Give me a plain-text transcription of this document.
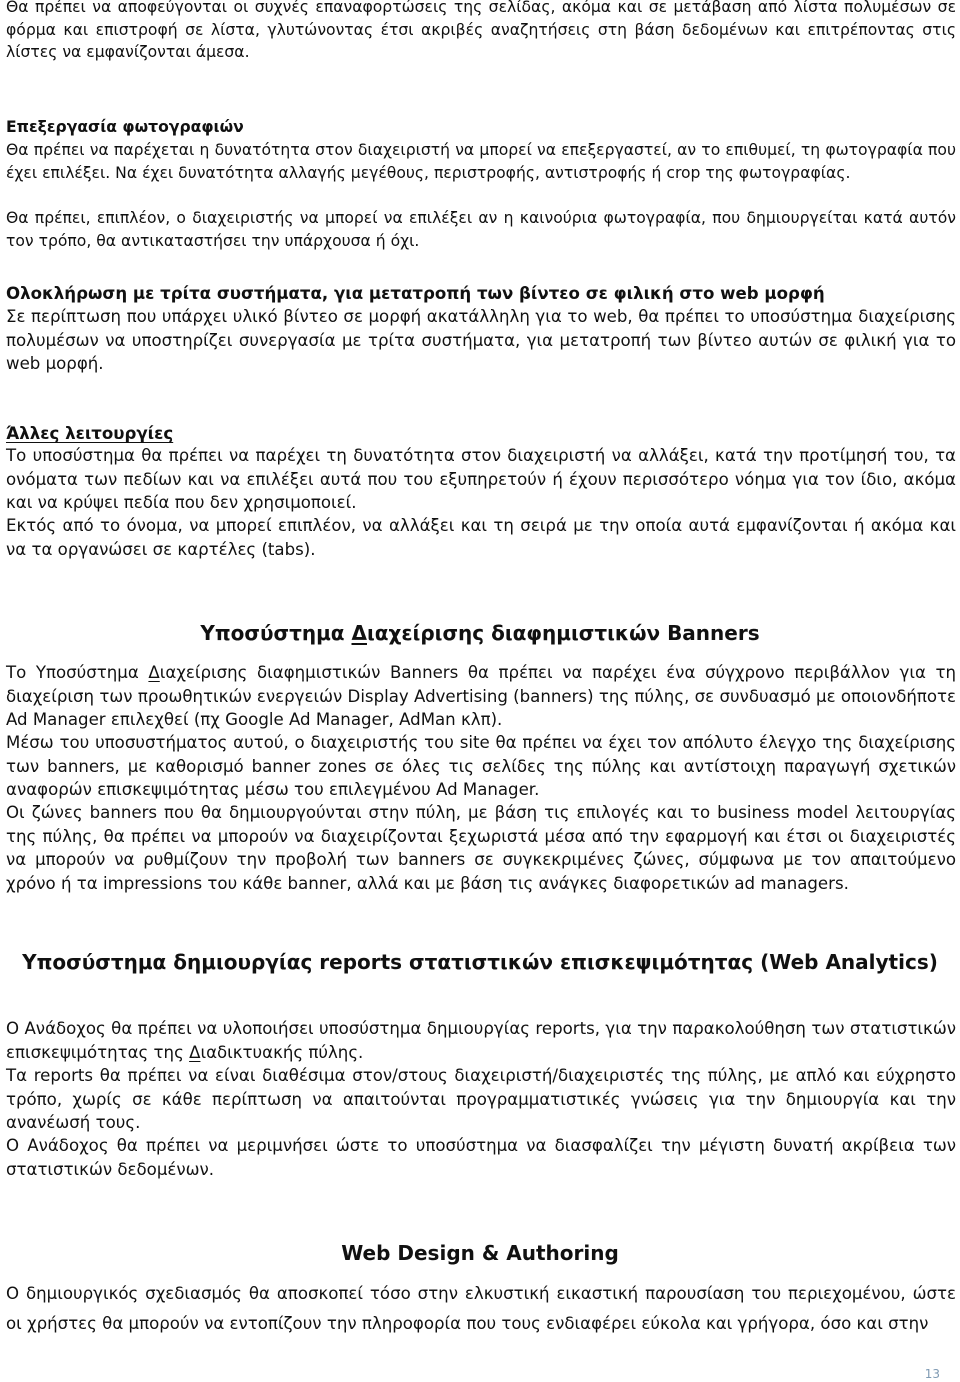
Θα πρέπει να αποφεύγονται οι συχνές επαναφορτώσεις της σελίδας, ακόμα και σε μετάβαση από λίστα πολυμέσων σε φόρμα και επιστροφή σε λίστα, γλυτώνοντας έτσι ακριβές αναζητήσεις στη βάση δεδομένων και επιτρέποντας στις λίστες να εμφανίζονται άμεσα.

Επεξεργασία φωτογραφιών

Θα πρέπει να παρέχεται η δυνατότητα στον διαχειριστή να μπορεί να επεξεργαστεί, αν το επιθυμεί, τη φωτογραφία που έχει επιλέξει. Να έχει δυνατότητα αλλαγής μεγέθους, περιστροφής, αντιστροφής ή crop της φωτογραφίας.

Θα πρέπει, επιπλέον, ο διαχειριστής να μπορεί να επιλέξει αν η καινούρια φωτογραφία, που δημιουργείται κατά αυτόν τον τρόπο, θα αντικαταστήσει την υπάρχουσα ή όχι.

Ολοκλήρωση με τρίτα συστήματα, για μετατροπή των βίντεο σε φιλική στο web μορφή

Σε περίπτωση που υπάρχει υλικό βίντεο σε μορφή ακατάλληλη για το web, θα πρέπει το υποσύστημα διαχείρισης πολυμέσων να υποστηρίζει συνεργασία με τρίτα συστήματα, για μετατροπή των βίντεο αυτών σε φιλική για το web μορφή.

Άλλες λειτουργίες

Το υποσύστημα θα πρέπει να παρέχει τη δυνατότητα στον διαχειριστή να αλλάξει, κατά την προτίμησή του, τα ονόματα των πεδίων και να επιλέξει αυτά που του εξυπηρετούν ή έχουν περισσότερο νόημα για τον ίδιο, ακόμα και να κρύψει πεδία που δεν χρησιμοποιεί.

Εκτός από το όνομα, να μπορεί επιπλέον, να αλλάξει και τη σειρά με την οποία αυτά εμφανίζονται ή ακόμα και να τα οργανώσει σε καρτέλες (tabs).

Υποσύστημα Διαχείρισης διαφημιστικών Banners

Το Υποσύστημα Διαχείρισης διαφημιστικών Banners θα πρέπει να παρέχει ένα σύγχρονο περιβάλλον για τη διαχείριση των προωθητικών ενεργειών Display Advertising (banners) της πύλης, σε συνδυασμό με οποιονδήποτε Ad Manager επιλεχθεί (πχ Google Ad Manager, AdMan κλπ).

Μέσω του υποσυστήματος αυτού, ο διαχειριστής του site θα πρέπει να έχει τον απόλυτο έλεγχο της διαχείρισης των banners, με καθορισμό banner zones σε όλες τις σελίδες της πύλης και αντίστοιχη παραγωγή σχετικών αναφορών επισκεψιμότητας μέσω του επιλεγμένου Ad Manager.

Οι ζώνες banners που θα δημιουργούνται στην πύλη, με βάση τις επιλογές και το business model λειτουργίας της πύλης, θα πρέπει να μπορούν να διαχειρίζονται ξεχωριστά μέσα από την εφαρμογή και έτσι οι διαχειριστές να μπορούν να ρυθμίζουν την προβολή των banners σε συγκεκριμένες ζώνες, σύμφωνα με τον απαιτούμενο χρόνο ή τα impressions του κάθε banner, αλλά και με βάση τις ανάγκες διαφορετικών ad managers.

Υποσύστημα δημιουργίας reports στατιστικών επισκεψιμότητας (Web Analytics)

Ο Ανάδοχος θα πρέπει να υλοποιήσει υποσύστημα δημιουργίας reports, για την παρακολούθηση των στατιστικών επισκεψιμότητας της Διαδικτυακής πύλης.

Τα reports θα πρέπει να είναι διαθέσιμα στον/στους διαχειριστή/διαχειριστές της πύλης, με απλό και εύχρηστο τρόπο, χωρίς σε κάθε περίπτωση να απαιτούνται προγραμματιστικές γνώσεις για την δημιουργία και την ανανέωσή τους.

Ο Ανάδοχος θα πρέπει να μεριμνήσει ώστε το υποσύστημα να διασφαλίζει την μέγιστη δυνατή ακρίβεια των στατιστικών δεδομένων.

Web Design & Authoring

Ο δημιουργικός σχεδιασμός θα αποσκοπεί τόσο στην ελκυστική εικαστική παρουσίαση του περιεχομένου, ώστε οι χρήστες θα μπορούν να εντοπίζουν την πληροφορία που τους ενδιαφέρει εύκολα και γρήγορα, όσο και στην

13
